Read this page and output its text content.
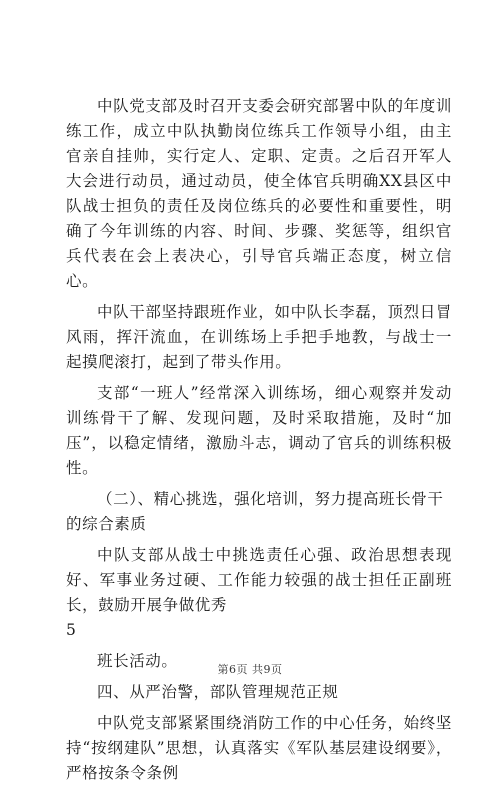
中队党支部及时召开支委会研究部署中队的年度训练工作，成立中队执勤岗位练兵工作领导小组，由主官亲自挂帅，实行定人、定职、定责。之后召开军人大会进行动员，通过动员，使全体官兵明确XX县区中队战士担负的责任及岗位练兵的必要性和重要性，明确了今年训练的内容、时间、步骤、奖惩等，组织官兵代表在会上表决心，引导官兵端正态度，树立信心。

中队干部坚持跟班作业，如中队长李磊，顶烈日冒风雨，挥汗流血，在训练场上手把手地教，与战士一起摸爬滚打，起到了带头作用。

支部“一班人”经常深入训练场，细心观察并发动训练骨干了解、发现问题，及时采取措施，及时“加压”，以稳定情绪，激励斗志，调动了官兵的训练积极性。

（二）、精心挑选，强化培训，努力提高班长骨干的综合素质

中队支部从战士中挑选责任心强、政治思想表现好、军事业务过硬、工作能力较强的战士担任正副班长，鼓励开展争做优秀

5

班长活动。

四、从严治警，部队管理规范正规

中队党支部紧紧围绕消防工作的中心任务，始终坚持“按纲建队”思想，认真落实《军队基层建设纲要》，严格按条令条例

第6页 共9页
